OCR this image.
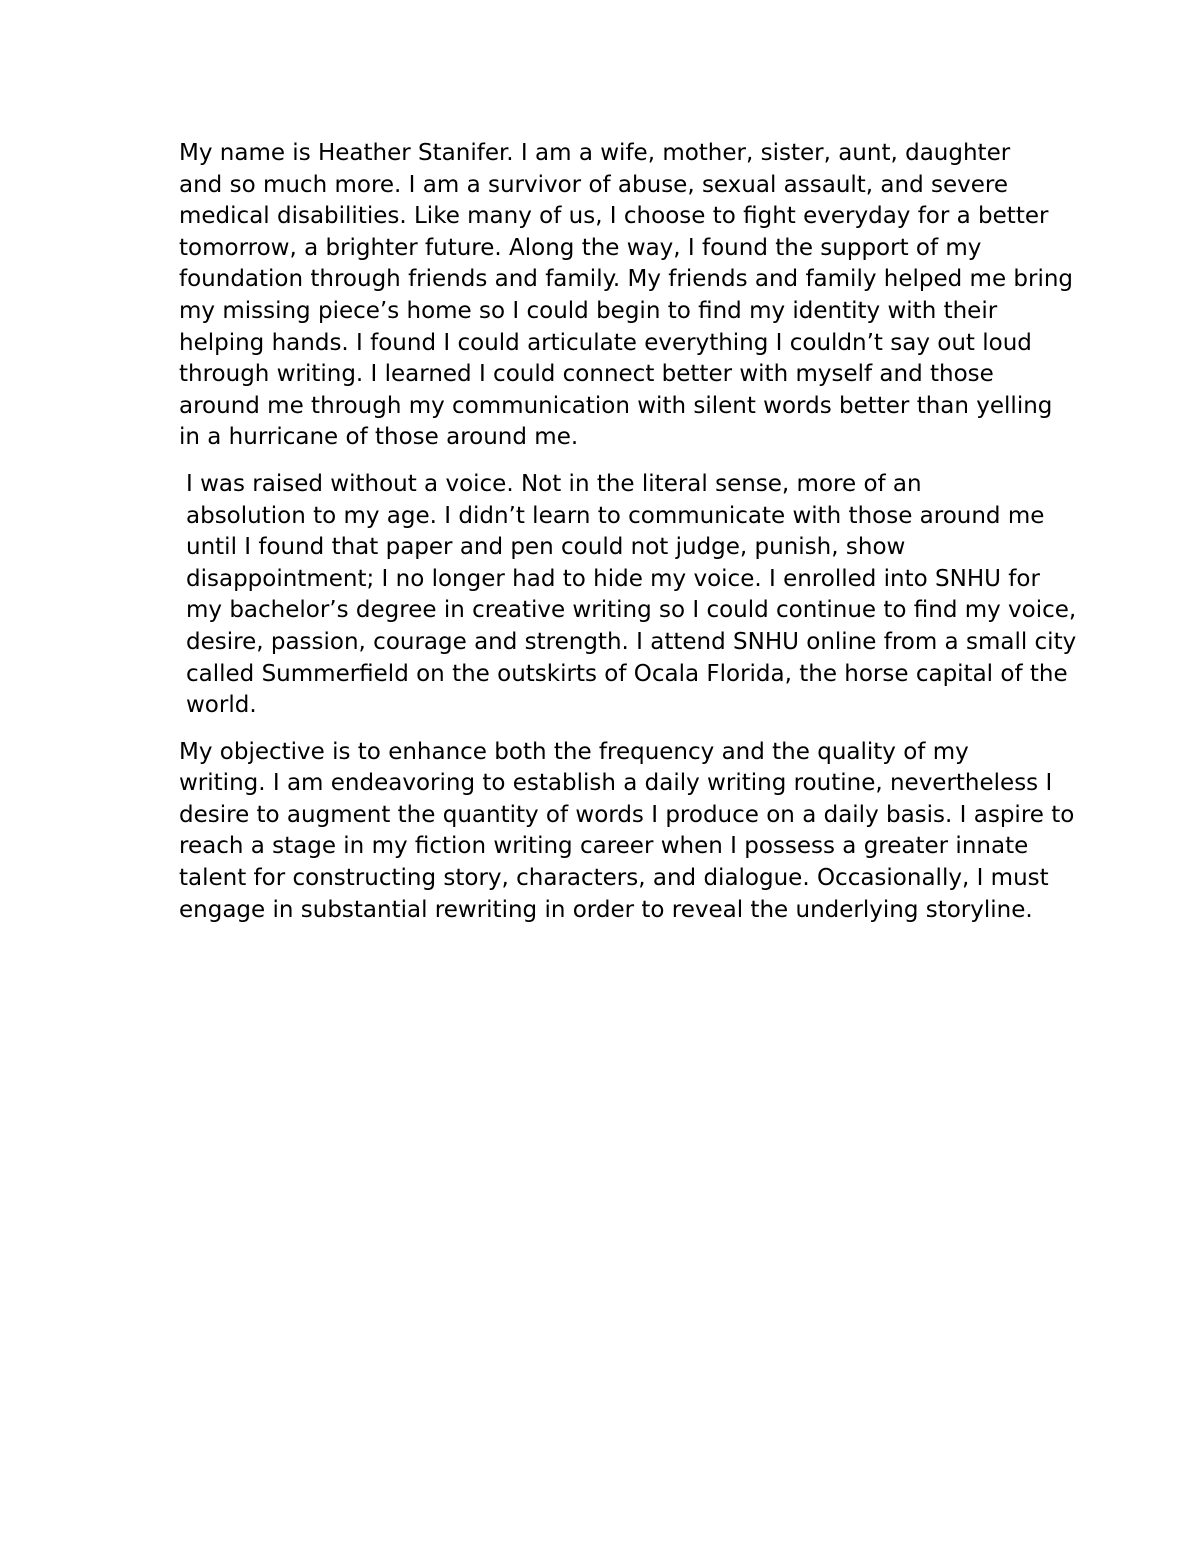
My name is Heather Stanifer. I am a wife, mother, sister, aunt, daughter
and so much more. I am a survivor of abuse, sexual assault, and severe
medical disabilities. Like many of us, I choose to fight everyday for a better
tomorrow, a brighter future. Along the way, I found the support of my
foundation through friends and family. My friends and family helped me bring
my missing piece’s home so I could begin to find my identity with their
helping hands. I found I could articulate everything I couldn’t say out loud
through writing. I learned I could connect better with myself and those
around me through my communication with silent words better than yelling
in a hurricane of those around me.

I was raised without a voice. Not in the literal sense, more of an
absolution to my age. I didn’t learn to communicate with those around me
until I found that paper and pen could not judge, punish, show
disappointment; I no longer had to hide my voice. I enrolled into SNHU for
my bachelor’s degree in creative writing so I could continue to find my voice,
desire, passion, courage and strength. I attend SNHU online from a small city
called Summerfield on the outskirts of Ocala Florida, the horse capital of the
world.

My objective is to enhance both the frequency and the quality of my
writing. I am endeavoring to establish a daily writing routine, nevertheless I
desire to augment the quantity of words I produce on a daily basis. I aspire to
reach a stage in my fiction writing career when I possess a greater innate
talent for constructing story, characters, and dialogue. Occasionally, I must
engage in substantial rewriting in order to reveal the underlying storyline.
